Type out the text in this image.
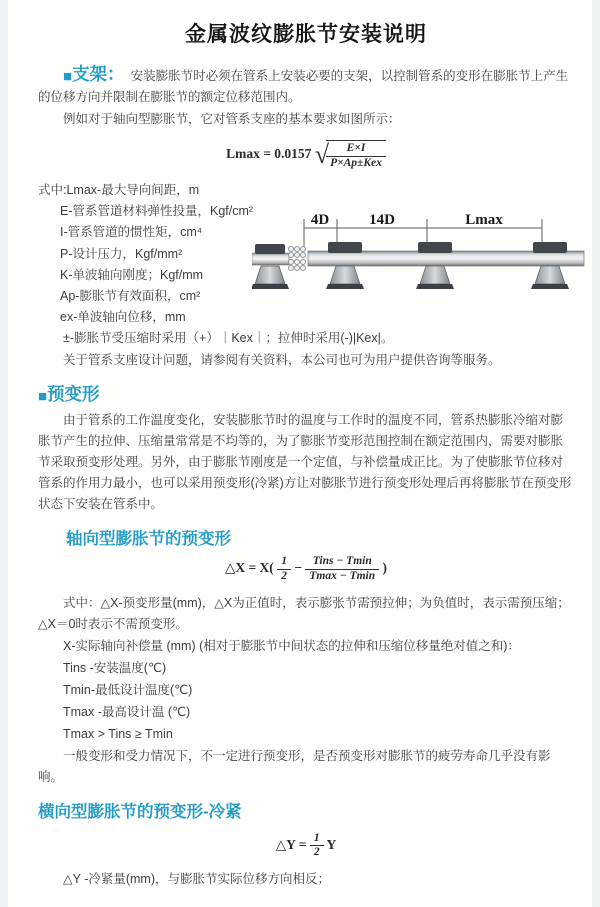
金属波纹膨胀节安装说明

■支架： 安装膨胀节时必须在管系上安装必要的支架，以控制管系的变形在膨胀节上产生的位移方向并限制在膨胀节的额定位移范围内。

例如对于轴向型膨胀节，它对管系支座的基本要求如图所示：

Lmax = 0.0157 √
$\frac{E\times I}{\text{P×Ap±Kex}}$
式中:Lmax-最大导向间距，m
E-管系管道材料弹性投量，Kgf/cm²
I-管系管道的惯性矩，cm⁴
P-设计压力，Kgf/mm²
K-单波轴向刚度；Kgf/mm
Ap-膨胀节有效面积，cm²
ex-单波轴向位移，mm
4D	14D	Lmax

±-膨胀节受压缩时采用（+）｜Kex｜；拉伸时采用(-)|Kex|。

关于管系支座设计问题，请参阅有关资料，本公司也可为用户提供咨询等服务。

■预变形

由于管系的工作温度变化，安装膨胀节时的温度与工作时的温度不同，管系热膨胀冷缩对膨胀节产生的拉伸、压缩量常常是不均等的，为了膨胀节变形范围控制在额定范围内，需要对膨胀节采取预变形处理。另外，由于膨胀节刚度是一个定值，与补偿量成正比。为了使膨胀节位移对管系的作用力最小，也可以采用预变形(冷紧)方让对膨胀节进行预变形处理后再将膨胀节在预变形状态下安装在管系中。

轴向型膨胀节的预变形
△X = $X( \frac{1}{2} - \frac{\text{Tins − Tmin}}{Tmax - Tmin}$ )

式中：△X-预变形量(mm)，△X为正值时，表示膨张节需预拉伸；为负值时，表示需预压缩；△X＝0时表示不需预变形。

X-实际轴向补偿量 (mm) (相对于膨胀节中间状态的拉伸和压缩位移量绝对值之和)：

Tins -安装温度(℃)

Tmin-最低设计温度(℃)

Tmax -最高设计温 (℃)

Tmax > Tins ≥ Tmin

一般变形和受力情况下，不一定进行预变形，是否预变形对膨胀节的疲劳寿命几乎没有影响。

横向型膨胀节的预变形-冷紧
△Y = $\frac{1}{2}$ Y

△Y -冷紧量(mm)，与膨胀节实际位移方向相反；
